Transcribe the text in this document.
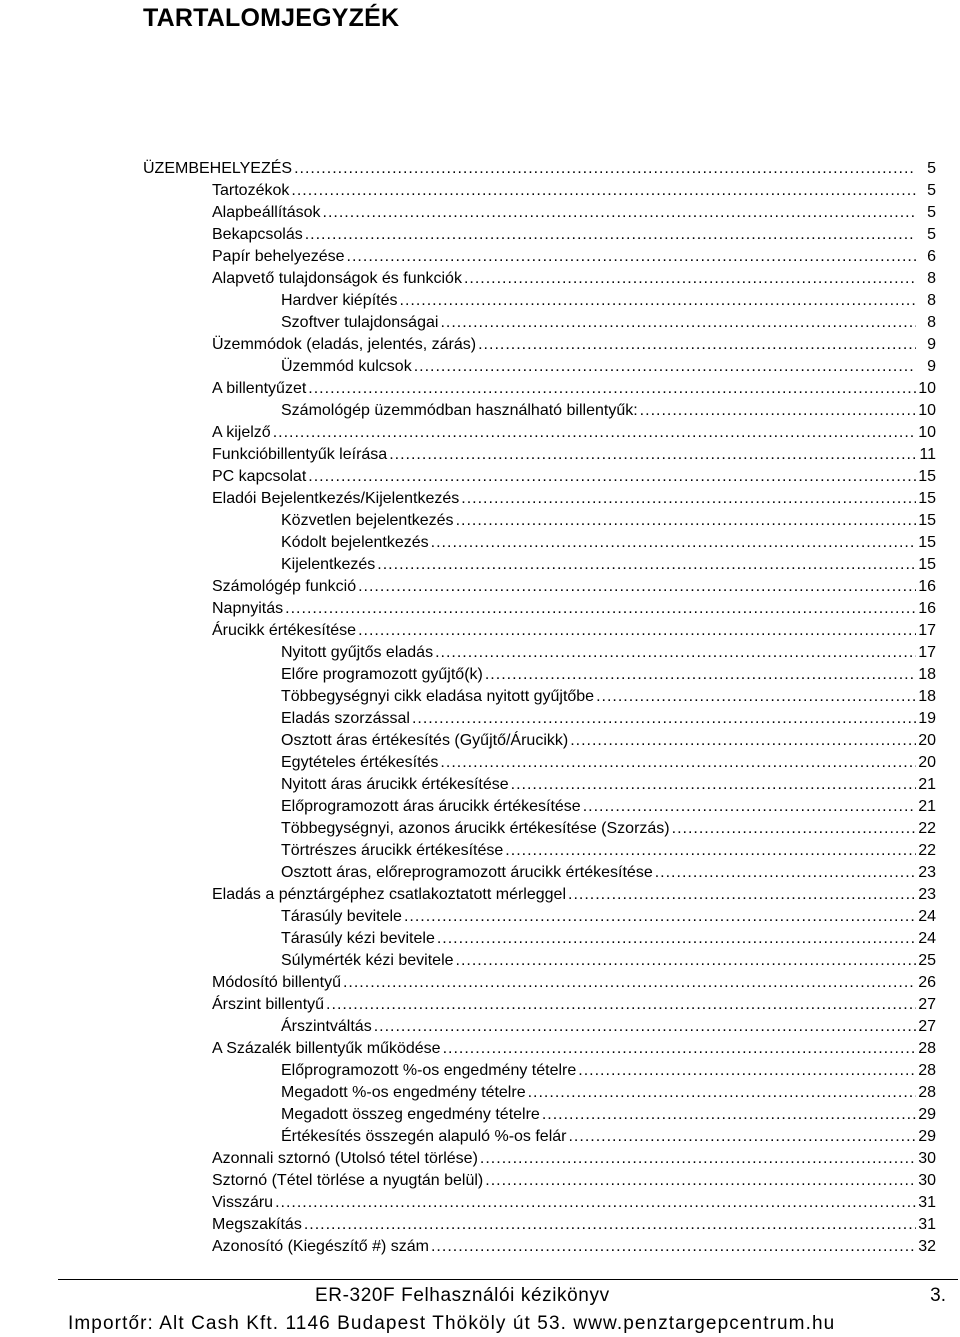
TARTALOMJEGYZÉK
ÜZEMBEHELYEZÉS .....	5
Tartozékok .....	5
Alapbeállítások .....	5
Bekapcsolás .....	5
Papír behelyezése .....	6
Alapvető tulajdonságok és funkciók .....	8
Hardver kiépítés .....	8
Szoftver tulajdonságai .....	8
Üzemmódok (eladás, jelentés, zárás) .....	9
Üzemmód kulcsok .....	9
A billentyűzet .....	10
Számológép üzemmódban használható billentyűk: .....	10
A kijelző .....	10
Funkcióbillentyűk leírása .....	11
PC kapcsolat .....	15
Eladói Bejelentkezés/Kijelentkezés .....	15
Közvetlen bejelentkezés .....	15
Kódolt bejelentkezés .....	15
Kijelentkezés .....	15
Számológép funkció .....	16
Napnyitás .....	16
Árucikk értékesítése .....	17
Nyitott gyűjtős eladás .....	17
Előre programozott gyűjtő(k) .....	18
Többegységnyi cikk eladása nyitott gyűjtőbe .....	18
Eladás szorzással .....	19
Osztott áras értékesítés (Gyűjtő/Árucikk) .....	20
Egytételes értékesítés .....	20
Nyitott áras árucikk értékesítése .....	21
Előprogramozott áras árucikk értékesítése .....	21
Többegységnyi, azonos árucikk értékesítése (Szorzás) .....	22
Törtrészes árucikk értékesítése .....	22
Osztott áras, előreprogramozott árucikk értékesítése .....	23
Eladás a pénztárgéphez csatlakoztatott mérleggel .....	23
Tárasúly bevitele .....	24
Tárasúly kézi bevitele .....	24
Súlymérték kézi bevitele .....	25
Módosító billentyű .....	26
Árszint billentyű .....	27
Árszintváltás .....	27
A Százalék billentyűk működése .....	28
Előprogramozott %-os engedmény tételre .....	28
Megadott %-os engedmény tételre .....	28
Megadott összeg engedmény tételre .....	29
Értékesítés összegén alapuló %-os felár .....	29
Azonnali sztornó (Utolsó tétel törlése) .....	30
Sztornó (Tétel törlése a nyugtán belül) .....	30
Visszáru .....	31
Megszakítás .....	31
Azonosító (Kiegészítő #) szám .....	32
ER-320F Felhasználói kézikönyv	3.
Importőr: Alt Cash Kft. 1146 Budapest Thököly út 53. www.penztargepcentrum.hu
